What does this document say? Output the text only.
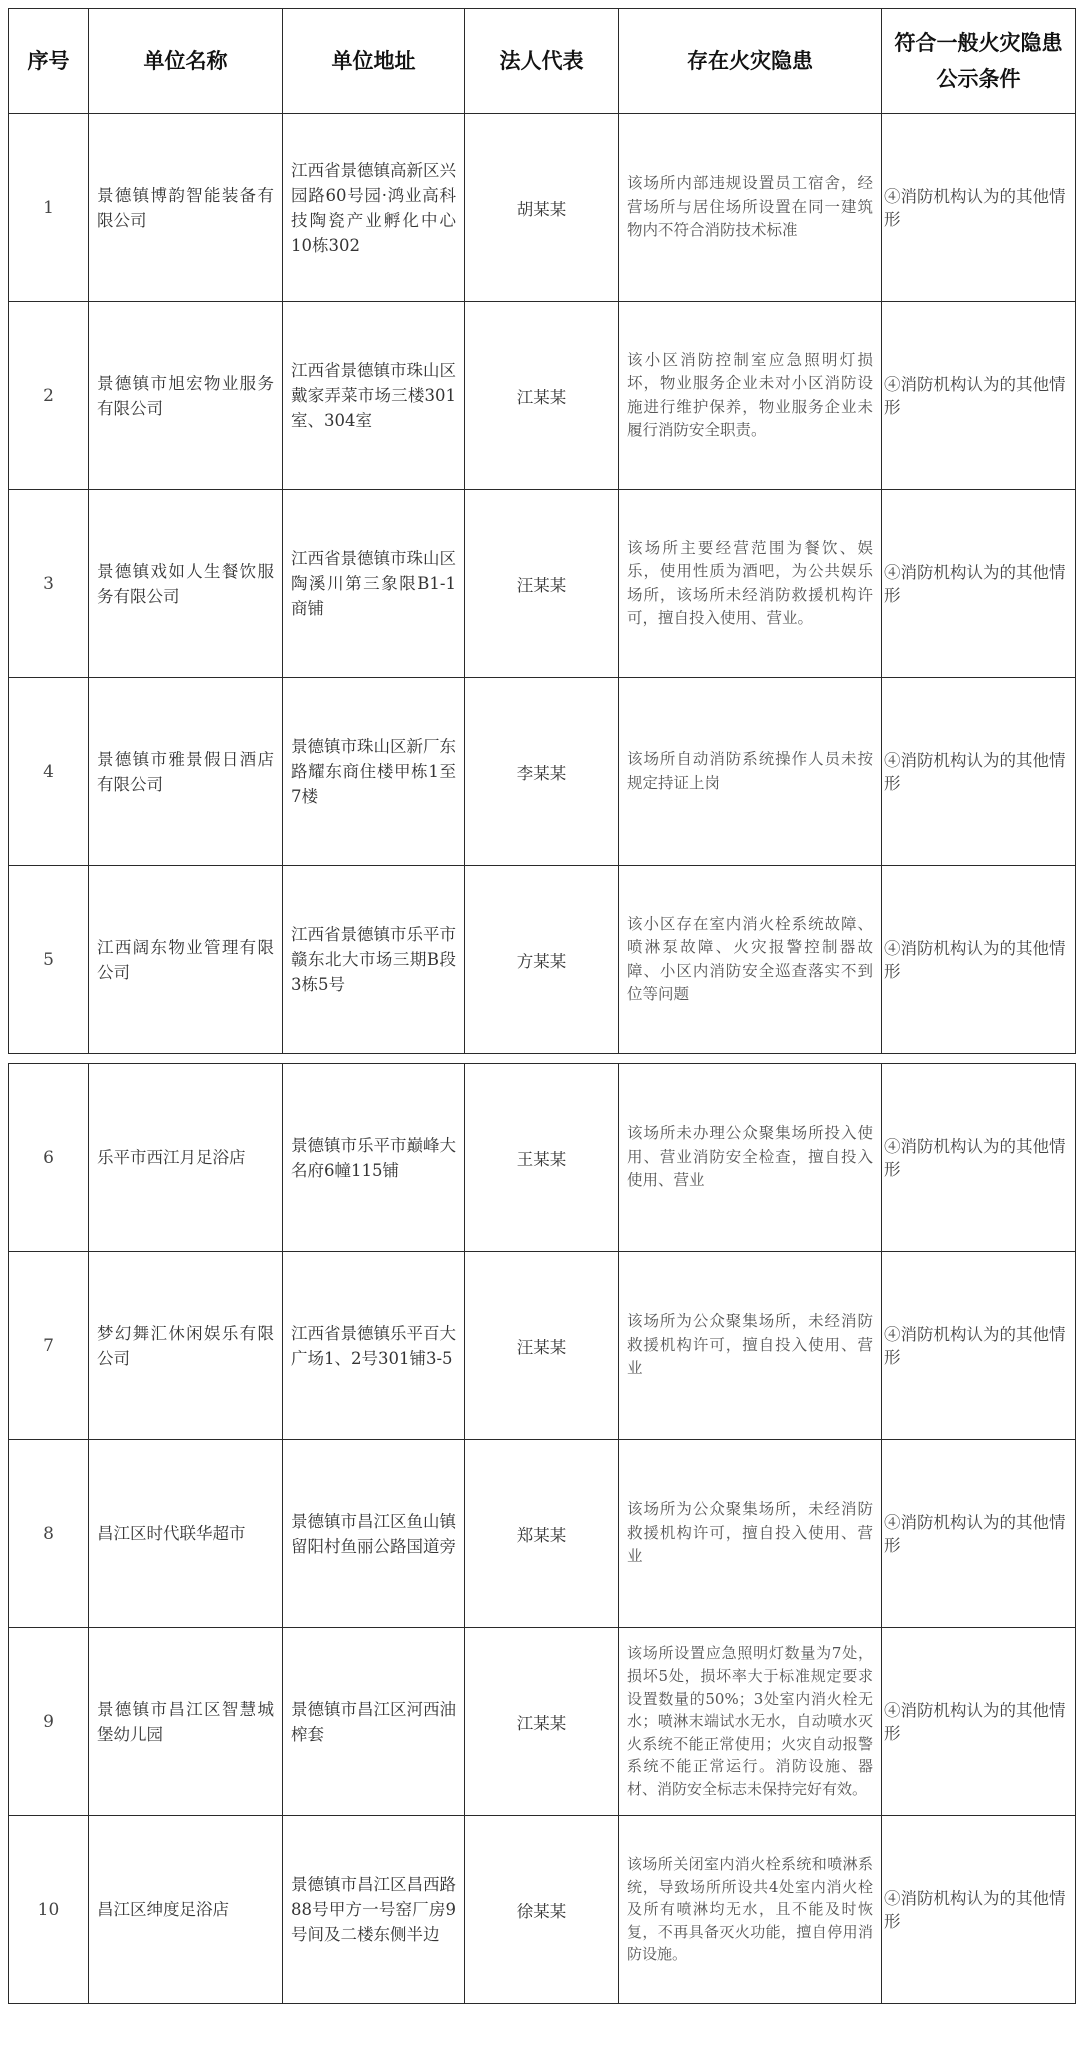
序号	单位名称	单位地址	法人代表	存在火灾隐患	符合一般火灾隐患
公示条件
1	景德镇博韵智能装备有限公司	江西省景德镇高新区兴园路60号园·鸿业高科技陶瓷产业孵化中心10栋302	胡某某	该场所内部违规设置员工宿舍，经营场所与居住场所设置在同一建筑物内不符合消防技术标准	④消防机构认为的其他情形
2	景德镇市旭宏物业服务有限公司	江西省景德镇市珠山区戴家弄菜市场三楼301室、304室	江某某	该小区消防控制室应急照明灯损坏，物业服务企业未对小区消防设施进行维护保养，物业服务企业未履行消防安全职责。	④消防机构认为的其他情形
3	景德镇戏如人生餐饮服务有限公司	江西省景德镇市珠山区陶溪川第三象限B1-1商铺	汪某某	该场所主要经营范围为餐饮、娱乐，使用性质为酒吧，为公共娱乐场所，该场所未经消防救援机构许可，擅自投入使用、营业。	④消防机构认为的其他情形
4	景德镇市雅景假日酒店有限公司	景德镇市珠山区新厂东路耀东商住楼甲栋1至7楼	李某某	该场所自动消防系统操作人员未按规定持证上岗	④消防机构认为的其他情形
5	江西阔东物业管理有限公司	江西省景德镇市乐平市赣东北大市场三期B段3栋5号	方某某	该小区存在室内消火栓系统故障、喷淋泵故障、火灾报警控制器故障、小区内消防安全巡查落实不到位等问题	④消防机构认为的其他情形
6	乐平市西江月足浴店	景德镇市乐平市巅峰大名府6幢115铺	王某某	该场所未办理公众聚集场所投入使用、营业消防安全检查，擅自投入使用、营业	④消防机构认为的其他情形
7	梦幻舞汇休闲娱乐有限公司	江西省景德镇乐平百大广场1、2号301铺3-5	汪某某	该场所为公众聚集场所，未经消防救援机构许可，擅自投入使用、营业	④消防机构认为的其他情形
8	昌江区时代联华超市	景德镇市昌江区鱼山镇留阳村鱼丽公路国道旁	郑某某	该场所为公众聚集场所，未经消防救援机构许可，擅自投入使用、营业	④消防机构认为的其他情形
9	景德镇市昌江区智慧城堡幼儿园	景德镇市昌江区河西油榨套	江某某	该场所设置应急照明灯数量为7处，损坏5处，损坏率大于标准规定要求设置数量的50%；3处室内消火栓无水；喷淋末端试水无水，自动喷水灭火系统不能正常使用；火灾自动报警系统不能正常运行。消防设施、器材、消防安全标志未保持完好有效。	④消防机构认为的其他情形
10	昌江区绅度足浴店	景德镇市昌江区昌西路88号甲方一号窑厂房9号间及二楼东侧半边	徐某某	该场所关闭室内消火栓系统和喷淋系统，导致场所所设共4处室内消火栓及所有喷淋均无水，且不能及时恢复，不再具备灭火功能，擅自停用消防设施。	④消防机构认为的其他情形
